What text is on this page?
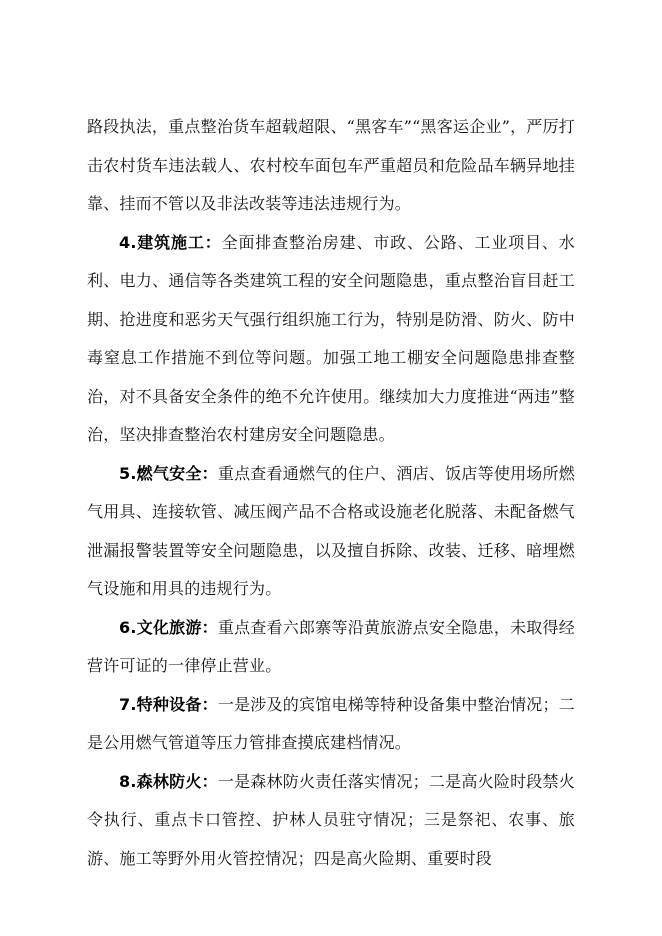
路段执法，重点整治货车超载超限、“黑客车”“黑客运企业”，严厉打击农村货车违法载人、农村校车面包车严重超员和危险品车辆异地挂靠、挂而不管以及非法改装等违法违规行为。

4.建筑施工：全面排查整治房建、市政、公路、工业项目、水利、电力、通信等各类建筑工程的安全问题隐患，重点整治盲目赶工期、抢进度和恶劣天气强行组织施工行为，特别是防滑、防火、防中毒窒息工作措施不到位等问题。加强工地工棚安全问题隐患排查整治，对不具备安全条件的绝不允许使用。继续加大力度推进“两违”整治，坚决排查整治农村建房安全问题隐患。

5.燃气安全：重点查看通燃气的住户、酒店、饭店等使用场所燃气用具、连接软管、减压阀产品不合格或设施老化脱落、未配备燃气泄漏报警装置等安全问题隐患，以及擅自拆除、改装、迁移、暗埋燃气设施和用具的违规行为。

6.文化旅游：重点查看六郎寨等沿黄旅游点安全隐患，未取得经营许可证的一律停止营业。

7.特种设备：一是涉及的宾馆电梯等特种设备集中整治情况；二是公用燃气管道等压力管排查摸底建档情况。

8.森林防火：一是森林防火责任落实情况；二是高火险时段禁火令执行、重点卡口管控、护林人员驻守情况；三是祭祀、农事、旅游、施工等野外用火管控情况；四是高火险期、重要时段
